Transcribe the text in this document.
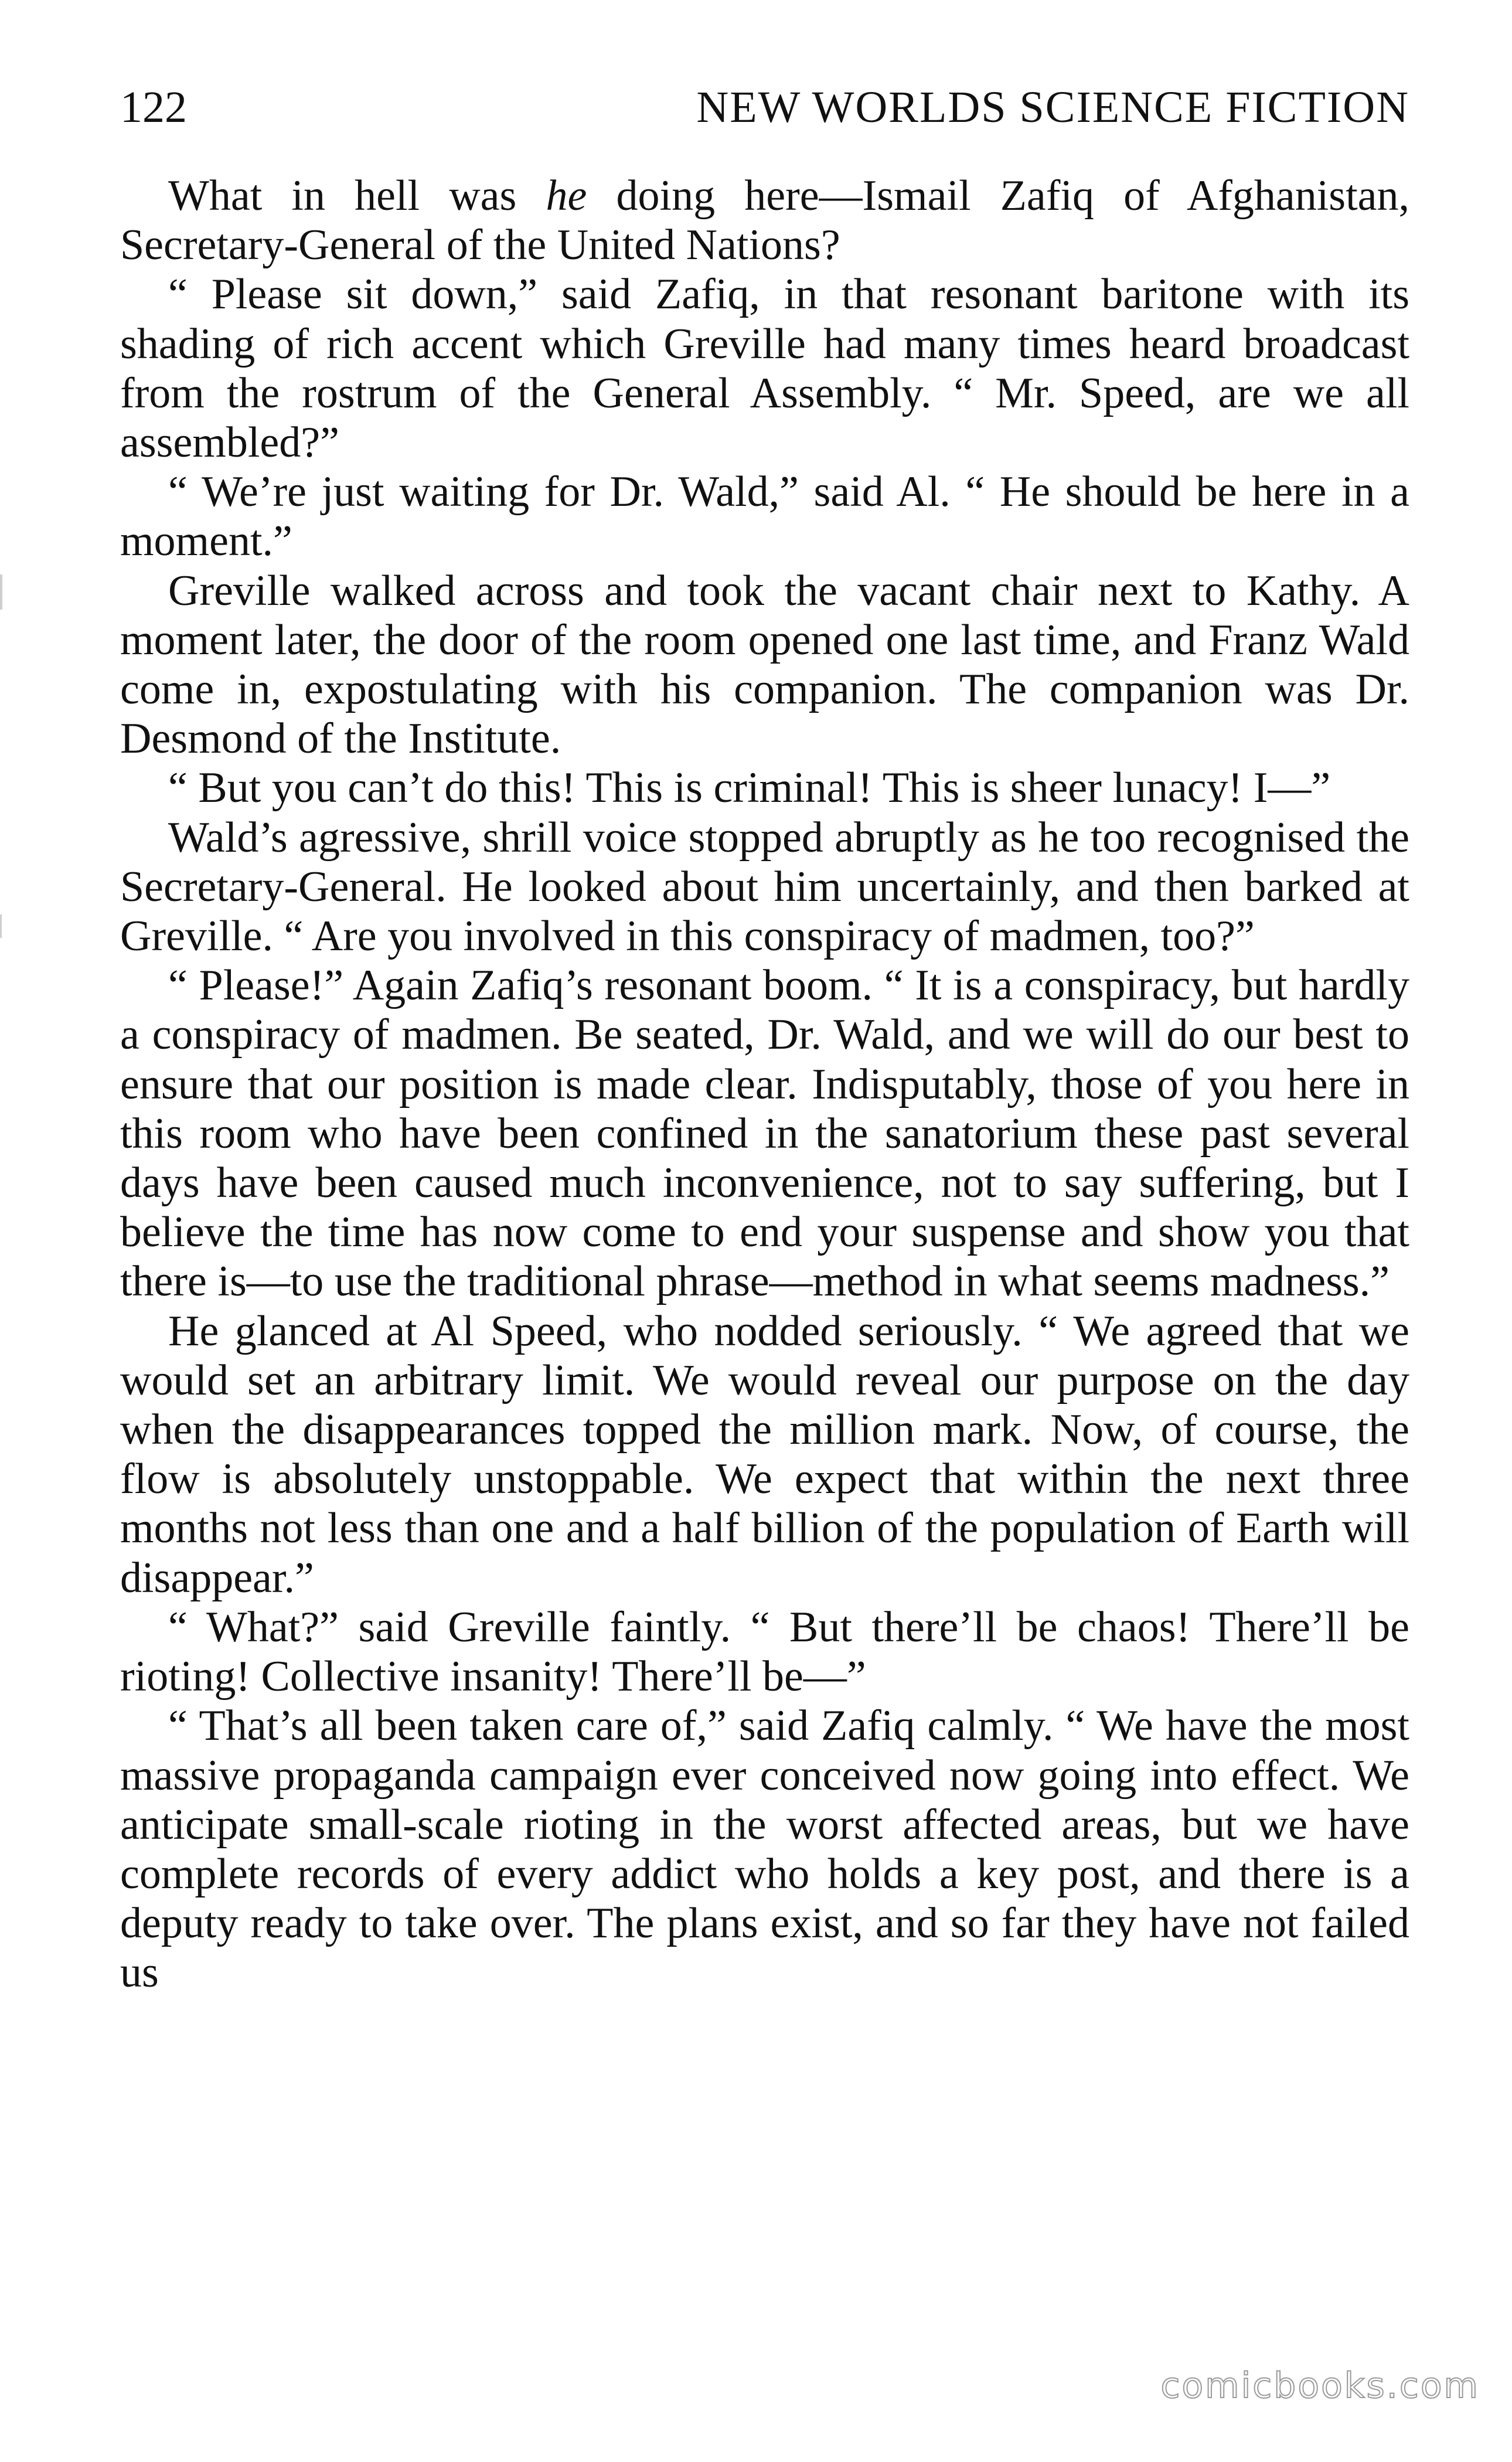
122	NEW WORLDS SCIENCE FICTION

What in hell was he doing here—Ismail Zafiq of Afghanistan, Secretary-General of the United Nations?

“ Please sit down,” said Zafiq, in that resonant baritone with its shading of rich accent which Greville had many times heard broadcast from the rostrum of the General Assembly. “ Mr. Speed, are we all assembled?”

“ We’re just waiting for Dr. Wald,” said Al. “ He should be here in a moment.”

Greville walked across and took the vacant chair next to Kathy. A moment later, the door of the room opened one last time, and Franz Wald come in, expostulating with his companion. The companion was Dr. Desmond of the Institute.

“ But you can’t do this! This is criminal! This is sheer lunacy! I—”

Wald’s agressive, shrill voice stopped abruptly as he too recognised the Secretary-General. He looked about him uncertainly, and then barked at Greville. “ Are you involved in this conspiracy of madmen, too?”

“ Please!” Again Zafiq’s resonant boom. “ It is a conspiracy, but hardly a conspiracy of madmen. Be seated, Dr. Wald, and we will do our best to ensure that our position is made clear. Indisputably, those of you here in this room who have been confined in the sanatorium these past several days have been caused much inconvenience, not to say suffering, but I believe the time has now come to end your suspense and show you that there is—to use the traditional phrase—method in what seems madness.”

He glanced at Al Speed, who nodded seriously. “ We agreed that we would set an arbitrary limit. We would reveal our purpose on the day when the disappearances topped the million mark. Now, of course, the flow is absolutely unstoppable. We expect that within the next three months not less than one and a half billion of the population of Earth will disappear.”

“ What?” said Greville faintly. “ But there’ll be chaos! There’ll be rioting! Collective insanity! There’ll be—”

“ That’s all been taken care of,” said Zafiq calmly. “ We have the most massive propaganda campaign ever conceived now going into effect. We anticipate small-scale rioting in the worst affected areas, but we have complete records of every addict who holds a key post, and there is a deputy ready to take over. The plans exist, and so far they have not failed us

comicbooks.com
